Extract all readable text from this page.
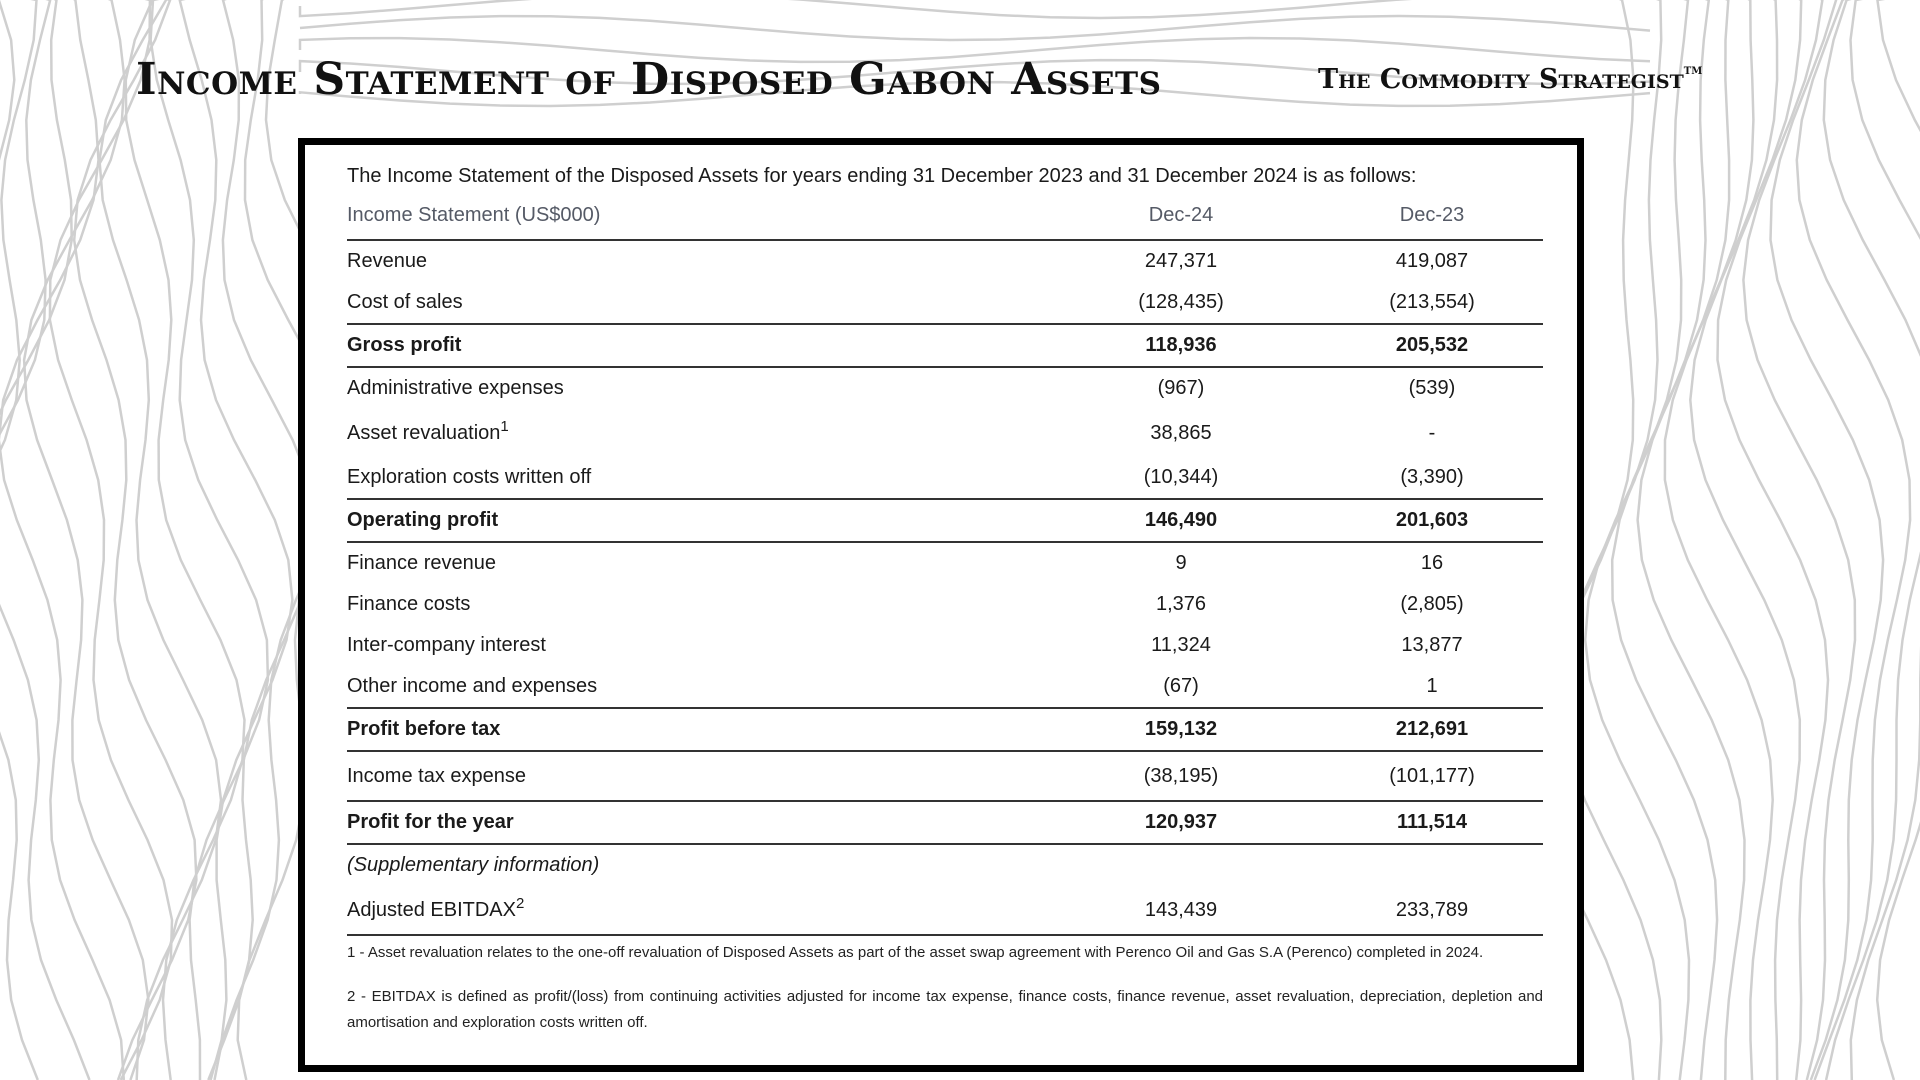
Income Statement of Disposed Gabon Assets	The Commodity Strategist™
The Income Statement of the Disposed Assets for years ending 31 December 2023 and 31 December 2024 is as follows:
Income Statement (US$000)	Dec-24	Dec-23
Revenue	247,371	419,087
Cost of sales	(128,435)	(213,554)
Gross profit	118,936	205,532
Administrative expenses	(967)	(539)
Asset revaluation$^1$	38,865	-
Exploration costs written off	(10,344)	(3,390)
Operating profit	146,490	201,603
Finance revenue	9	16
Finance costs	1,376	(2,805)
Inter-company interest	11,324	13,877
Other income and expenses	(67)	1
Profit before tax	159,132	212,691
Income tax expense	(38,195)	(101,177)
Profit for the year	120,937	111,514
(Supplementary information)		
Adjusted EBITDAX$^2$	143,439	233,789
1 - Asset revaluation relates to the one-off revaluation of Disposed Assets as part of the asset swap agreement with Perenco Oil and Gas S.A (Perenco) completed in 2024.
2 - EBITDAX is defined as profit/(loss) from continuing activities adjusted for income tax expense, finance costs, finance revenue, asset revaluation, depreciation, depletion and amortisation and exploration costs written off.
